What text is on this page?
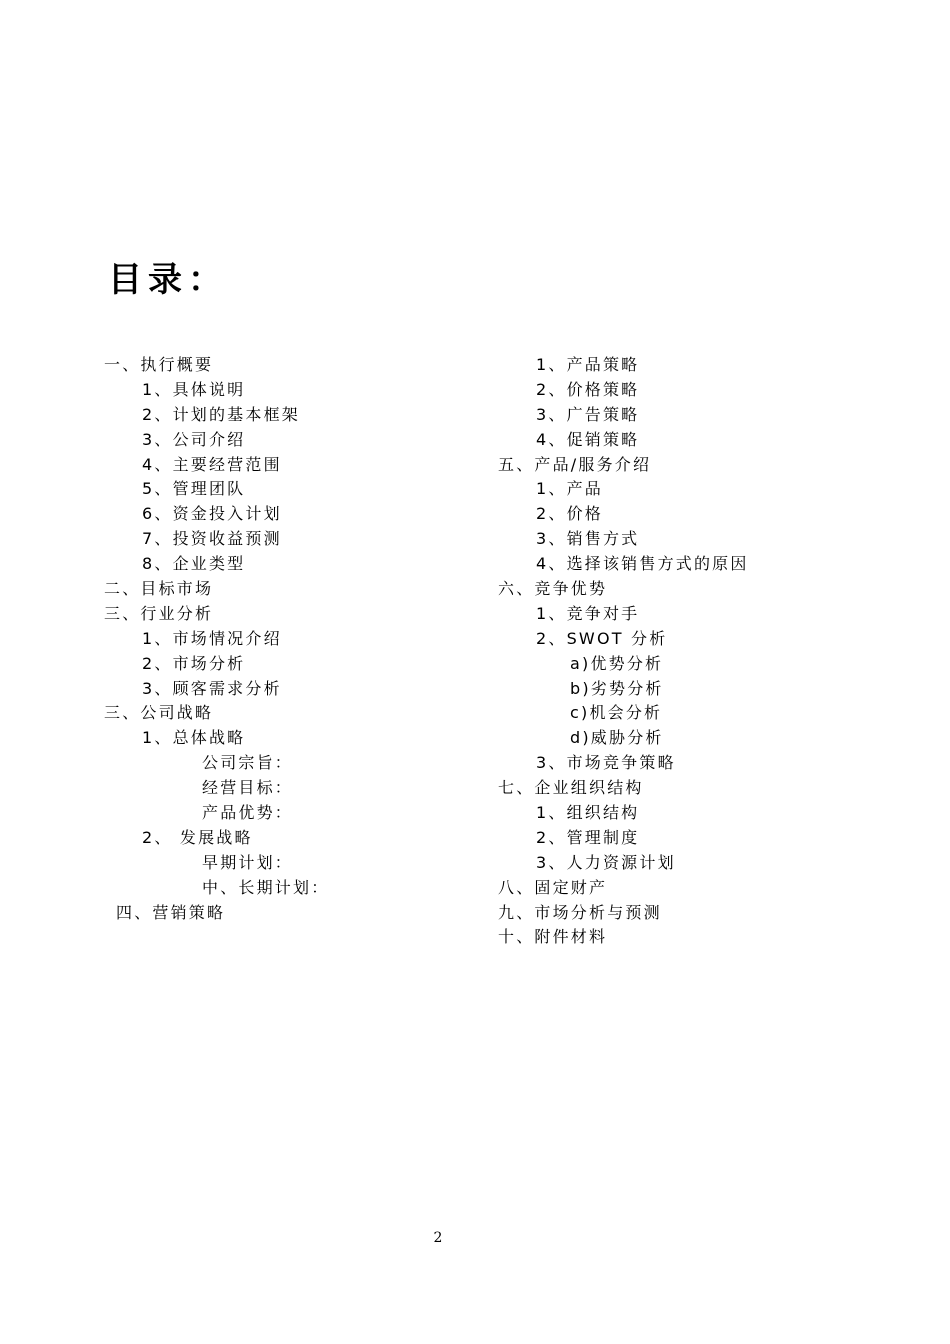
目录：
一、执行概要
1、具体说明
2、计划的基本框架
3、公司介绍
4、主要经营范围
5、管理团队
6、资金投入计划
7、投资收益预测
8、企业类型
二、目标市场
三、行业分析
1、市场情况介绍
2、市场分析
3、顾客需求分析
三、公司战略
1、总体战略
公司宗旨：
经营目标：
产品优势：
2、 发展战略
早期计划：
中、长期计划：
四、营销策略
1、产品策略
2、价格策略
3、广告策略
4、促销策略
五、产品/服务介绍
1、产品
2、价格
3、销售方式
4、选择该销售方式的原因
六、竞争优势
1、竞争对手
2、SWOT 分析
a)优势分析
b)劣势分析
c)机会分析
d)威胁分析
3、市场竞争策略
七、企业组织结构
1、组织结构
2、管理制度
3、人力资源计划
八、固定财产
九、市场分析与预测
十、附件材料
2
